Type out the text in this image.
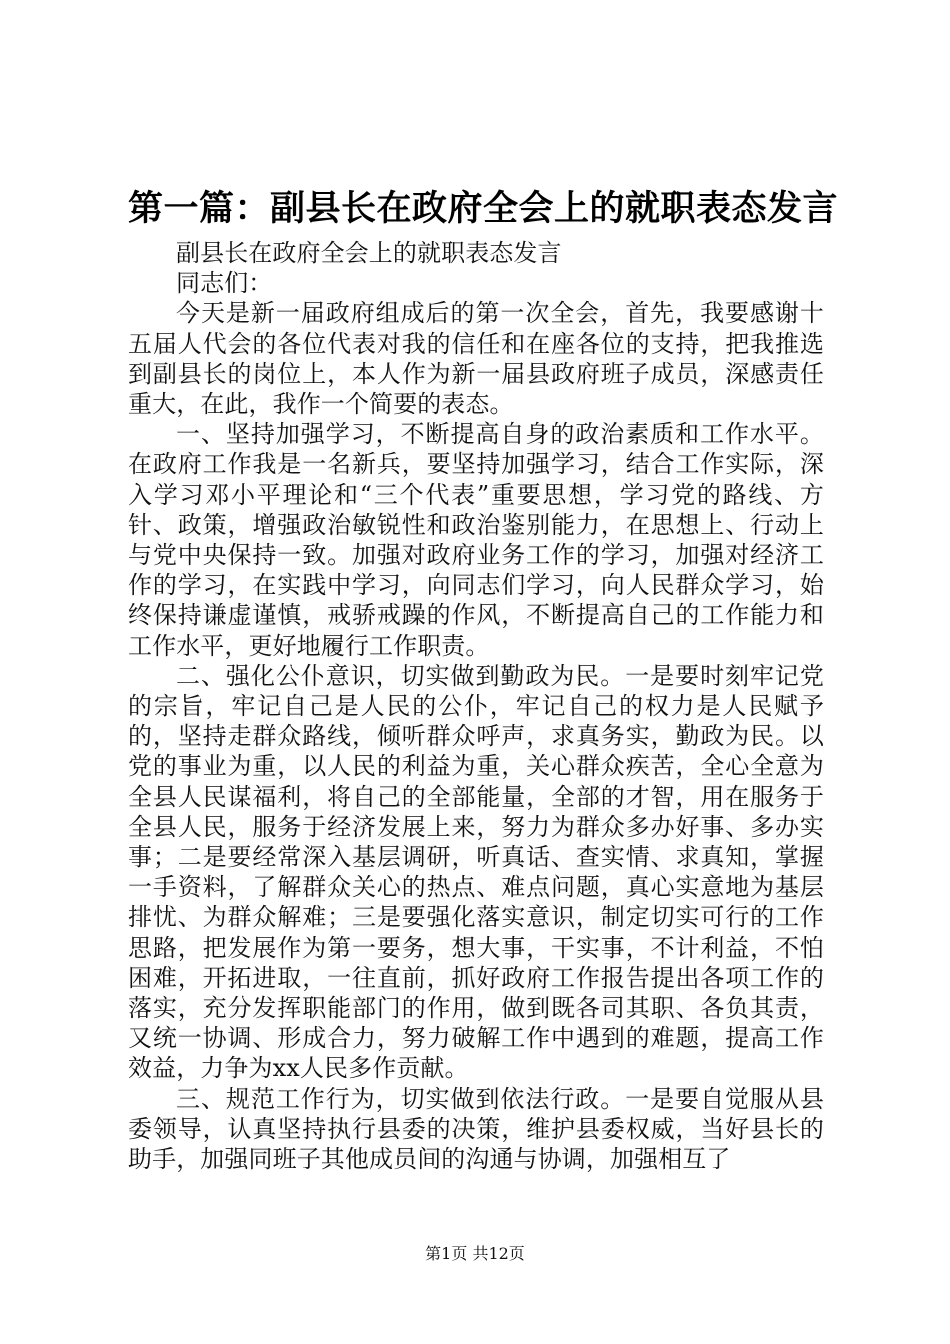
第一篇：副县长在政府全会上的就职表态发言

副县长在政府全会上的就职表态发言

同志们：

今天是新一届政府组成后的第一次全会，首先，我要感谢十五届人代会的各位代表对我的信任和在座各位的支持，把我推选到副县长的岗位上，本人作为新一届县政府班子成员，深感责任重大，在此，我作一个简要的表态。

一、坚持加强学习，不断提高自身的政治素质和工作水平。在政府工作我是一名新兵，要坚持加强学习，结合工作实际，深入学习邓小平理论和“三个代表”重要思想，学习党的路线、方针、政策，增强政治敏锐性和政治鉴别能力，在思想上、行动上与党中央保持一致。加强对政府业务工作的学习，加强对经济工作的学习，在实践中学习，向同志们学习，向人民群众学习，始终保持谦虚谨慎，戒骄戒躁的作风，不断提高自己的工作能力和工作水平，更好地履行工作职责。

二、强化公仆意识，切实做到勤政为民。一是要时刻牢记党的宗旨，牢记自己是人民的公仆，牢记自己的权力是人民赋予的，坚持走群众路线，倾听群众呼声，求真务实，勤政为民。以党的事业为重，以人民的利益为重，关心群众疾苦，全心全意为全县人民谋福利，将自己的全部能量，全部的才智，用在服务于全县人民，服务于经济发展上来，努力为群众多办好事、多办实事；二是要经常深入基层调研，听真话、查实情、求真知，掌握一手资料，了解群众关心的热点、难点问题，真心实意地为基层排忧、为群众解难；三是要强化落实意识，制定切实可行的工作思路，把发展作为第一要务，想大事，干实事，不计利益，不怕困难，开拓进取，一往直前，抓好政府工作报告提出各项工作的落实，充分发挥职能部门的作用，做到既各司其职、各负其责，又统一协调、形成合力，努力破解工作中遇到的难题，提高工作效益，力争为xx人民多作贡献。

三、规范工作行为，切实做到依法行政。一是要自觉服从县委领导，认真坚持执行县委的决策，维护县委权威，当好县长的助手，加强同班子其他成员间的沟通与协调，加强相互了

第1页 共12页
